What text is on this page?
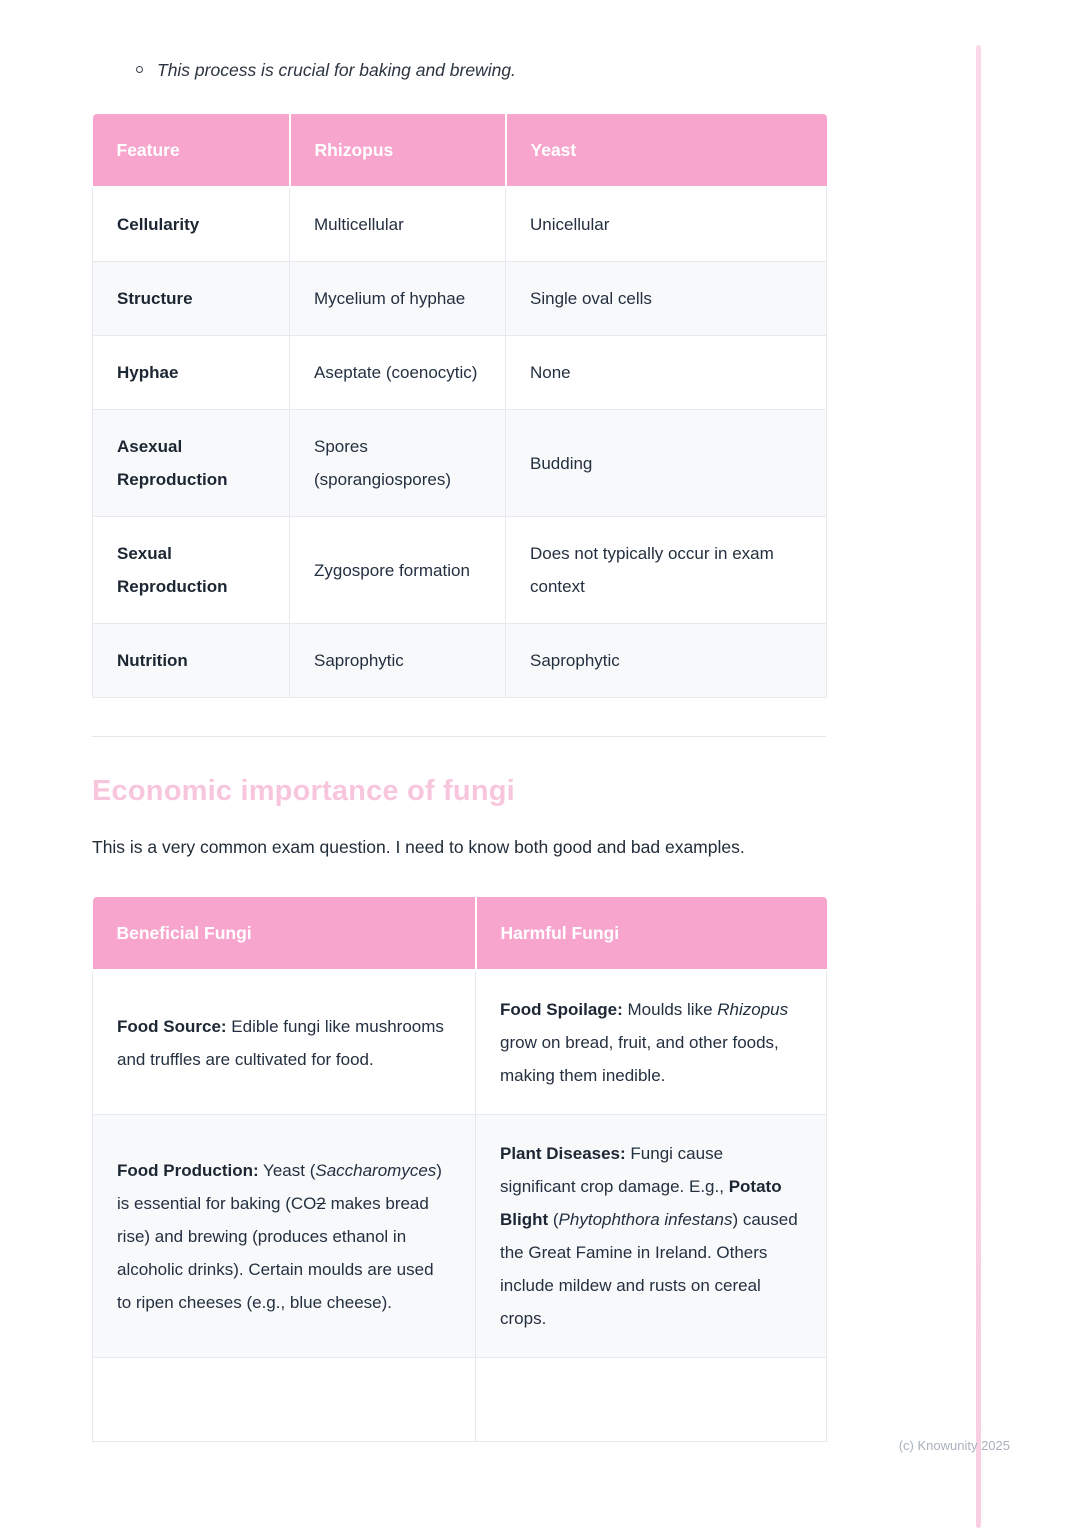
This process is crucial for baking and brewing.
Feature	Rhizopus	Yeast
Cellularity	Multicellular	Unicellular
Structure	Mycelium of hyphae	Single oval cells
Hyphae	Aseptate (coenocytic)	None
Asexual Reproduction	Spores (sporangiospores)	Budding
Sexual Reproduction	Zygospore formation	Does not typically occur in exam context
Nutrition	Saprophytic	Saprophytic
Economic importance of fungi

This is a very common exam question. I need to know both good and bad examples.

Beneficial Fungi	Harmful Fungi
Food Source: Edible fungi like mushrooms and truffles are cultivated for food.	Food Spoilage: Moulds like Rhizopus grow on bread, fruit, and other foods, making them inedible.
Food Production: Yeast (Saccharomyces) is essential for baking (CO2 makes bread rise) and brewing (produces ethanol in alcoholic drinks). Certain moulds are used to ripen cheeses (e.g., blue cheese).	Plant Diseases: Fungi cause significant crop damage. E.g., Potato Blight (Phytophthora infestans) caused the Great Famine in Ireland. Others include mildew and rusts on cereal crops.

(c) Knowunity 2025
